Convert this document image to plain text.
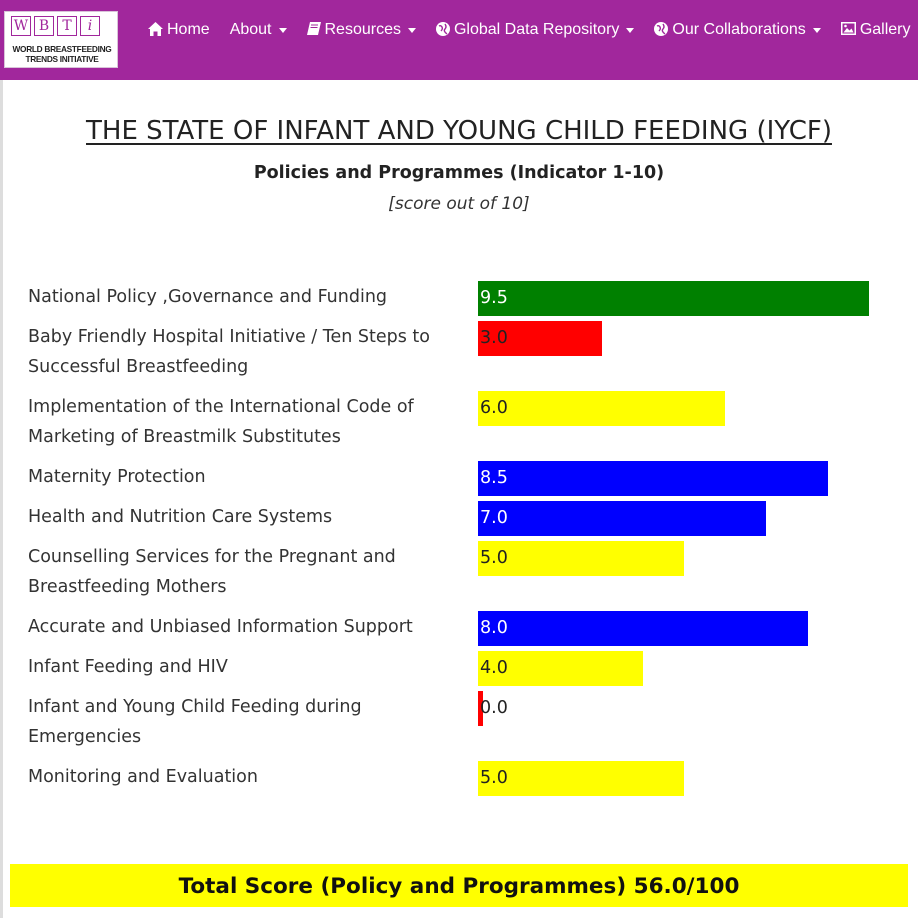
W B T	i
WORLD BREASTFEEDING
TRENDS INITIATIVE
Home About	Resources	Global Data Repository	Our Collaborations	Gallery
THE STATE OF INFANT AND YOUNG CHILD FEEDING (IYCF)
Policies and Programmes (Indicator 1-10)
[score out of 10]
National Policy ,Governance and Funding	9.5
Baby Friendly Hospital Initiative / Ten Steps to
Successful Breastfeeding
3.0
Implementation of the International Code of
Marketing of Breastmilk Substitutes
6.0
Maternity Protection	8.5
Health and Nutrition Care Systems	7.0
Counselling Services for the Pregnant and
Breastfeeding Mothers
5.0
Accurate and Unbiased Information Support	8.0
Infant Feeding and HIV	4.0
Infant and Young Child Feeding during
Emergencies
0.0
Monitoring and Evaluation	5.0
Total Score (Policy and Programmes) 56.0/100
